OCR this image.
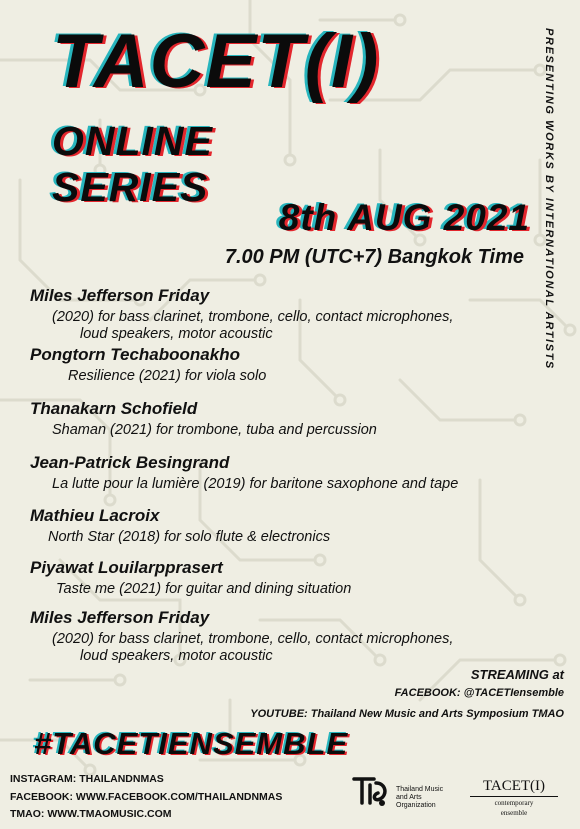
TACET(I)
ONLINE
SERIES
8th AUG 2021
7.00 PM (UTC+7) Bangkok Time PRESENTING WORKS BY INTERNATIONAL ARTISTS
Miles Jefferson Friday
(2020) for bass clarinet, trombone, cello, contact microphones,
loud speakers, motor acoustic
Pongtorn Techaboonakho
Resilience (2021) for viola solo
Thanakarn Schofield
Shaman (2021) for trombone, tuba and percussion
Jean-Patrick Besingrand
La lutte pour la lumière (2019) for baritone saxophone and tape
Mathieu Lacroix
North Star (2018) for solo flute & electronics
Piyawat Louilarpprasert
Taste me (2021) for guitar and dining situation
Miles Jefferson Friday
(2020) for bass clarinet, trombone, cello, contact microphones,
loud speakers, motor acoustic
STREAMING at
FACEBOOK: @TACETIensemble
YOUTUBE: Thailand New Music and Arts Symposium TMAO
#TACETIENSEMBLE
INSTAGRAM: THAILANDNMAS
FACEBOOK: WWW.FACEBOOK.COM/THAILANDNMAS
TMAO: WWW.TMAOMUSIC.COM
Thailand Music
and Arts
Organization
TACET(I)
contemporary
ensemble
